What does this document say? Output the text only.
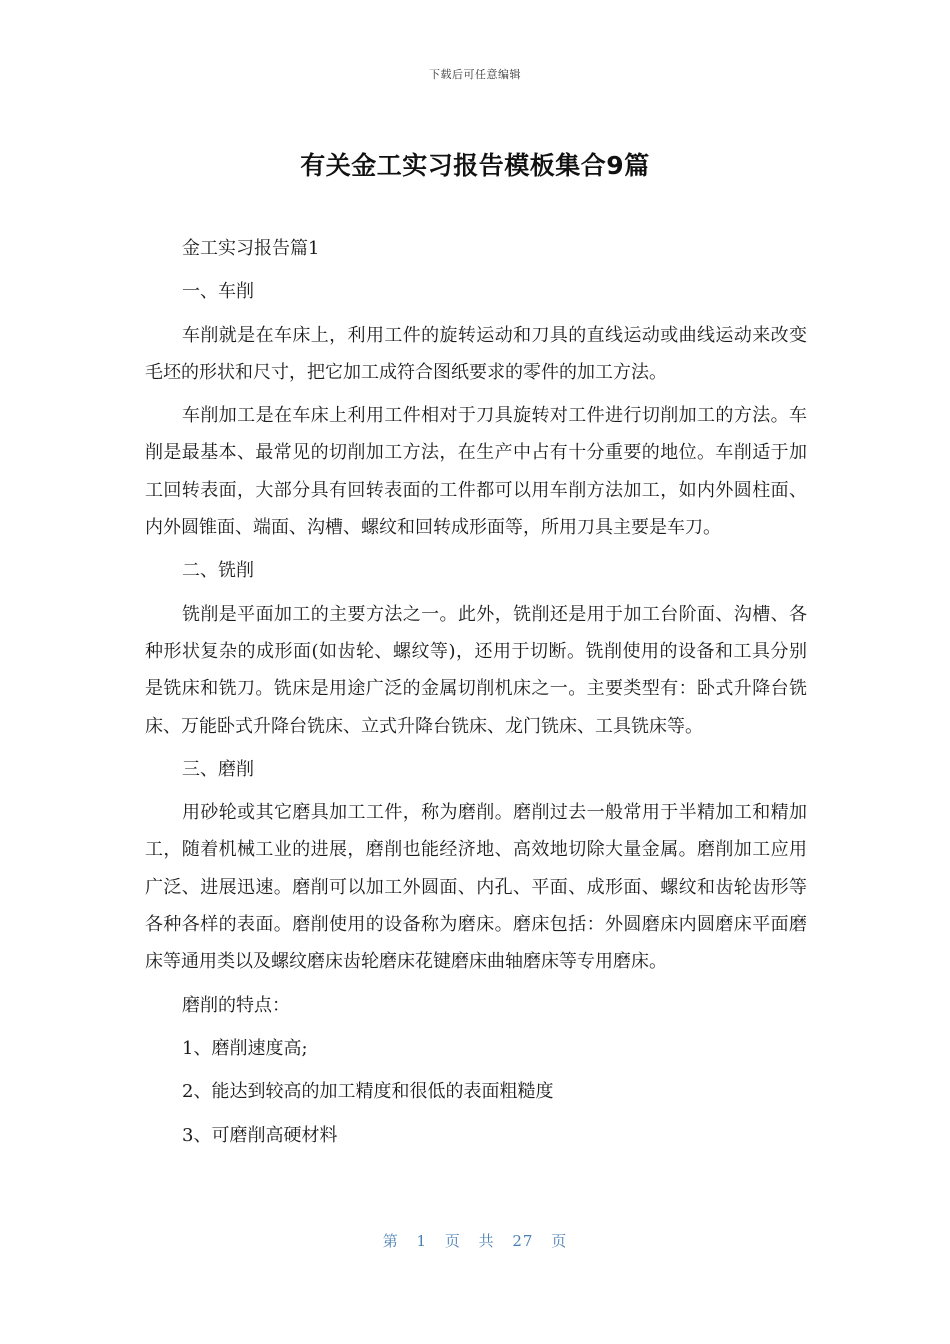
下载后可任意编辑
有关金工实习报告模板集合9篇

金工实习报告篇1

一、车削

车削就是在车床上，利用工件的旋转运动和刀具的直线运动或曲线运动来改变毛坯的形状和尺寸，把它加工成符合图纸要求的零件的加工方法。

车削加工是在车床上利用工件相对于刀具旋转对工件进行切削加工的方法。车削是最基本、最常见的切削加工方法，在生产中占有十分重要的地位。车削适于加工回转表面，大部分具有回转表面的工件都可以用车削方法加工，如内外圆柱面、内外圆锥面、端面、沟槽、螺纹和回转成形面等，所用刀具主要是车刀。

二、铣削

铣削是平面加工的主要方法之一。此外，铣削还是用于加工台阶面、沟槽、各种形状复杂的成形面(如齿轮、螺纹等)，还用于切断。铣削使用的设备和工具分别是铣床和铣刀。铣床是用途广泛的金属切削机床之一。主要类型有：卧式升降台铣床、万能卧式升降台铣床、立式升降台铣床、龙门铣床、工具铣床等。

三、磨削

用砂轮或其它磨具加工工件，称为磨削。磨削过去一般常用于半精加工和精加工，随着机械工业的进展，磨削也能经济地、高效地切除大量金属。磨削加工应用广泛、进展迅速。磨削可以加工外圆面、内孔、平面、成形面、螺纹和齿轮齿形等各种各样的表面。磨削使用的设备称为磨床。磨床包括：外圆磨床内圆磨床平面磨床等通用类以及螺纹磨床齿轮磨床花键磨床曲轴磨床等专用磨床。

磨削的特点：

1、磨削速度高;

2、能达到较高的加工精度和很低的表面粗糙度

3、可磨削高硬材料

第 1 页 共 27 页
